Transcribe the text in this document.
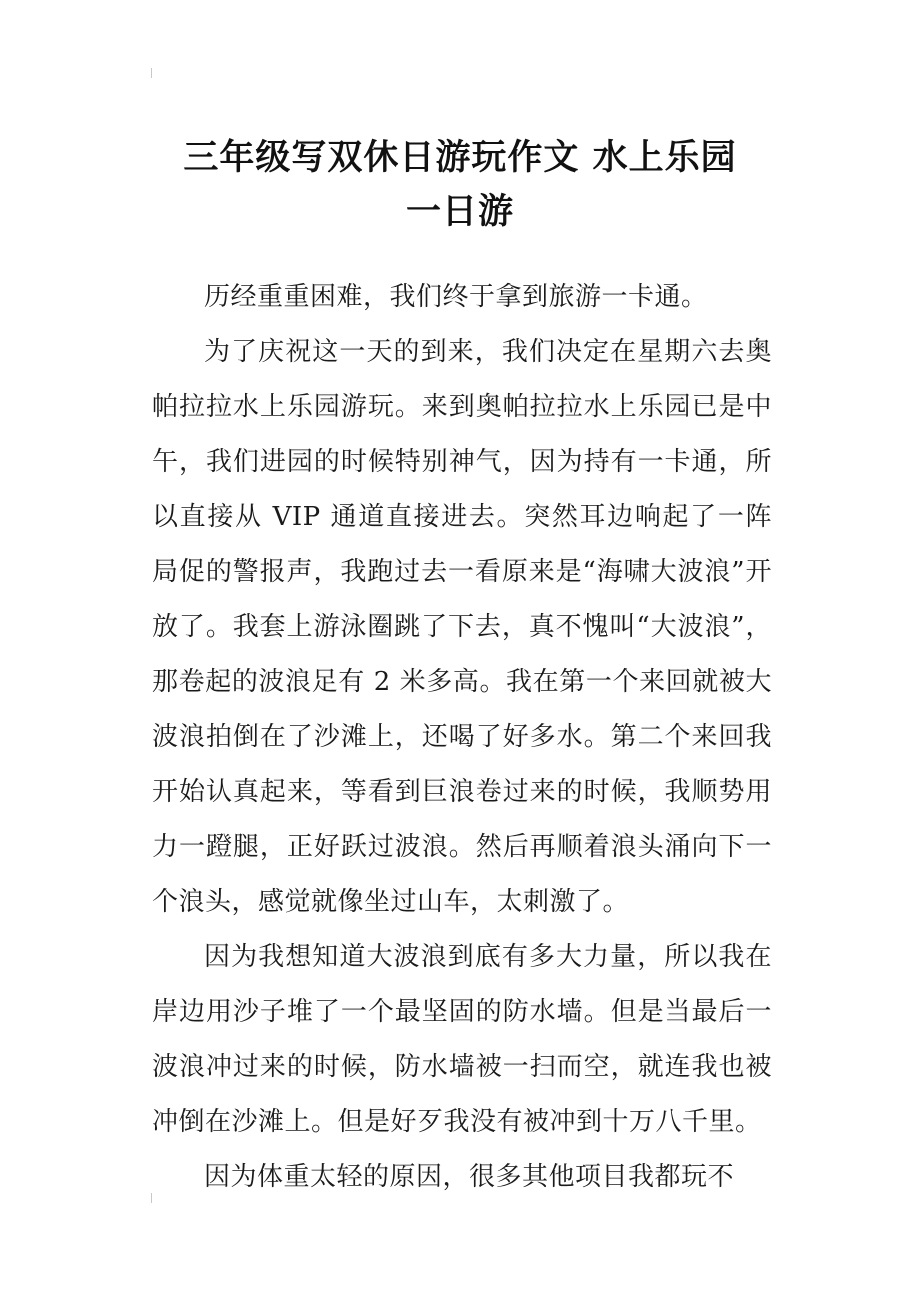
三年级写双休日游玩作文 水上乐园
一日游

历经重重困难，我们终于拿到旅游一卡通。

为了庆祝这一天的到来，我们决定在星期六去奥帕拉拉水上乐园游玩。来到奥帕拉拉水上乐园已是中午，我们进园的时候特别神气，因为持有一卡通，所以直接从 VIP 通道直接进去。突然耳边响起了一阵局促的警报声，我跑过去一看原来是“海啸大波浪”开放了。我套上游泳圈跳了下去，真不愧叫“大波浪”，那卷起的波浪足有 2 米多高。我在第一个来回就被大波浪拍倒在了沙滩上，还喝了好多水。第二个来回我开始认真起来，等看到巨浪卷过来的时候，我顺势用力一蹬腿，正好跃过波浪。然后再顺着浪头涌向下一个浪头，感觉就像坐过山车，太刺激了。

因为我想知道大波浪到底有多大力量，所以我在岸边用沙子堆了一个最坚固的防水墙。但是当最后一波浪冲过来的时候，防水墙被一扫而空，就连我也被冲倒在沙滩上。但是好歹我没有被冲到十万八千里。

因为体重太轻的原因，很多其他项目我都玩不
